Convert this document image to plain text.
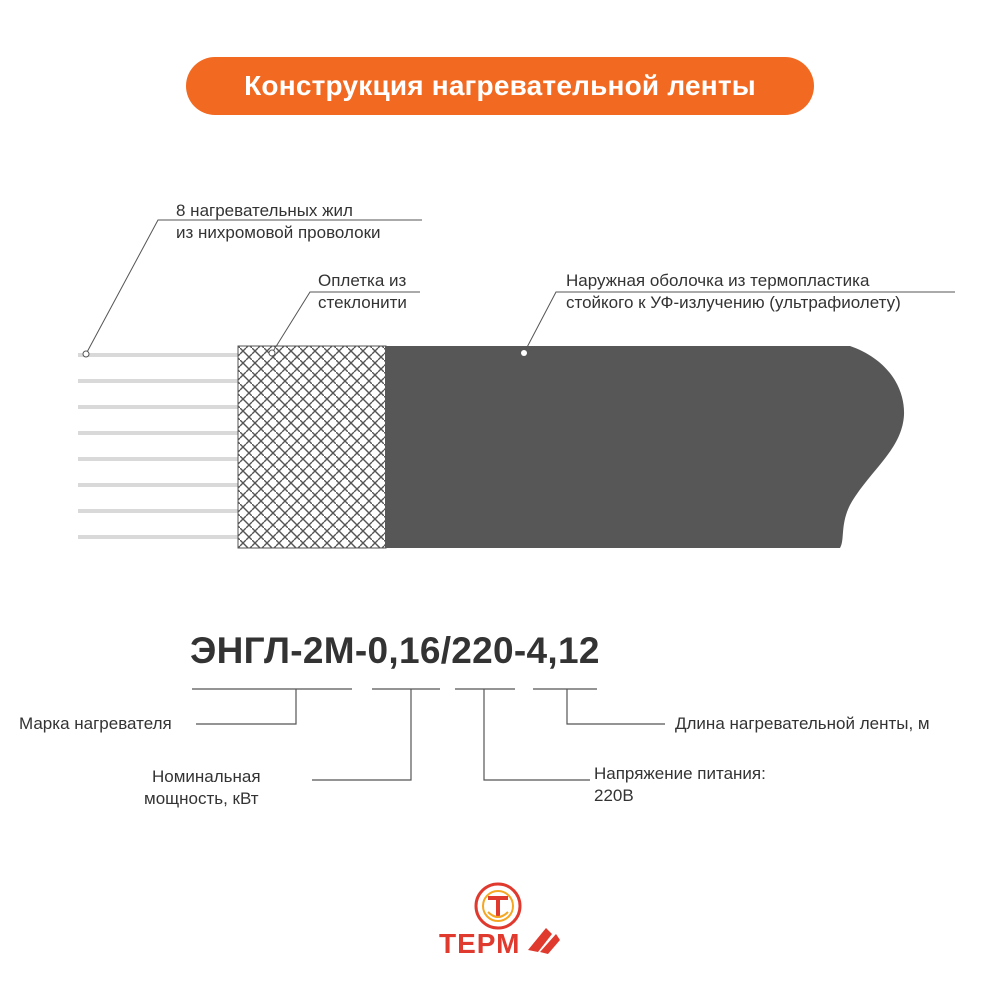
Конструкция нагревательной ленты
8 нагревательных жил
из нихромовой проволоки
Оплетка из
стеклонити
Наружная оболочка из термопластика
стойкого к УФ-излучению (ультрафиолету)
ЭНГЛ-2М-0,16/220-4,12
Марка нагревателя
Номинальная
мощность, кВт
Напряжение питания:
220В
Длина нагревательной ленты, м
ТЕРМ
